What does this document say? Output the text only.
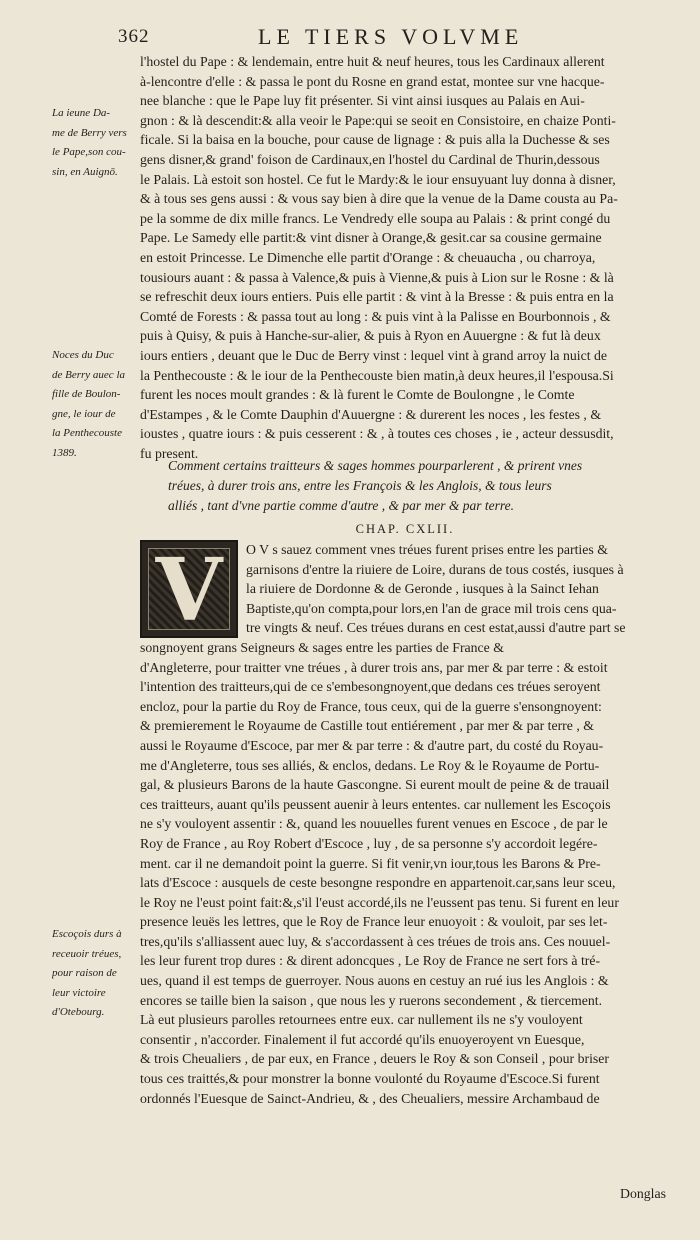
362	LE TIERS VOLVME
l'hostel du Pape : & lendemain, entre huit & neuf heures, tous les Cardinaux allerent
à-lencontre d'elle : & passa le pont du Rosne en grand estat, montee sur vne hacque-
nee blanche : que le Pape luy fit présenter. Si vint ainsi iusques au Palais en Aui-
gnon : & là descendit:& alla veoir le Pape:qui se seoit en Consistoire, en chaize Ponti-
ficale. Si la baisa en la bouche, pour cause de lignage : & puis alla la Duchesse & ses
gens disner,& grand' foison de Cardinaux,en l'hostel du Cardinal de Thurin,dessous
le Palais. Là estoit son hostel. Ce fut le Mardy:& le iour ensuyuant luy donna à disner,
& à tous ses gens aussi : & vous say bien à dire que la venue de la Dame cousta au Pa-
pe la somme de dix mille francs. Le Vendredy elle soupa au Palais : & print congé du
Pape. Le Samedy elle partit:& vint disner à Orange,& gesit.car sa cousine germaine
en estoit Princesse. Le Dimenche elle partit d'Orange : & cheuaucha , ou charroya,
tousiours auant : & passa à Valence,& puis à Vienne,& puis à Lion sur le Rosne : & là
se refreschit deux iours entiers. Puis elle partit : & vint à la Bresse : & puis entra en la
Comté de Forests : & passa tout au long : & puis vint à la Palisse en Bourbonnois , &
puis à Quisy, & puis à Hanche-sur-alier, & puis à Ryon en Auuergne : & fut là deux
iours entiers , deuant que le Duc de Berry vinst : lequel vint à grand arroy la nuict de
la Penthecouste : & le iour de la Penthecouste bien matin,à deux heures,il l'espousa.Si
furent les noces moult grandes : & là furent le Comte de Boulongne , le Comte
d'Estampes , & le Comte Dauphin d'Auuergne : & durerent les noces , les festes , &
ioustes , quatre iours : & puis cesserent : & , à toutes ces choses , ie , acteur dessusdit,
fu present.
La ieune Da-
me de Berry vers
le Pape,son cou-
sin, en Auignō.
Noces du Duc
de Berry auec la
fille de Boulon-
gne, le iour de
la Penthecouste
1389.
Escoçois durs à
receuoir tréues,
pour raison de
leur victoire
d'Otebourg.
Comment certains traitteurs & sages hommes pourparlerent , & prirent vnes
tréues, à durer trois ans, entre les François & les Anglois, & tous leurs
alliés , tant d'vne partie comme d'autre , & par mer & par terre.
CHAP. CXLII.
O V s sauez comment vnes tréues furent prises entre les parties &
garnisons d'entre la riuiere de Loire, durans de tous costés, iusques à
la riuiere de Dordonne & de Geronde , iusques à la Sainct Iehan
Baptiste,qu'on compta,pour lors,en l'an de grace mil trois cens qua-
tre vingts & neuf. Ces tréues durans en cest estat,aussi d'autre part se
songnoyent grans Seigneurs & sages entre les parties de France &
d'Angleterre, pour traitter vne tréues , à durer trois ans, par mer & par terre : & estoit
l'intention des traitteurs,qui de ce s'embesongnoyent,que dedans ces tréues seroyent
encloz, pour la partie du Roy de France, tous ceux, qui de la guerre s'ensongnoyent:
& premierement le Royaume de Castille tout entiérement , par mer & par terre , &
aussi le Royaume d'Escoce, par mer & par terre : & d'autre part, du costé du Royau-
me d'Angleterre, tous ses alliés, & enclos, dedans. Le Roy & le Royaume de Portu-
gal, & plusieurs Barons de la haute Gascongne. Si eurent moult de peine & de trauail
ces traitteurs, auant qu'ils peussent auenir à leurs ententes. car nullement les Escoçois
ne s'y vouloyent assentir : &, quand les nouuelles furent venues en Escoce , de par le
Roy de France , au Roy Robert d'Escoce , luy , de sa personne s'y accordoit legére-
ment. car il ne demandoit point la guerre. Si fit venir,vn iour,tous les Barons & Pre-
lats d'Escoce : ausquels de ceste besongne respondre en appartenoit.car,sans leur sceu,
le Roy ne l'eust point fait:&,s'il l'eust accordé,ils ne l'eussent pas tenu. Si furent en leur
presence leuës les lettres, que le Roy de France leur enuoyoit : & vouloit, par ses let-
tres,qu'ils s'alliassent auec luy, & s'accordassent à ces tréues de trois ans. Ces nouuel-
les leur furent trop dures : & dirent adoncques , Le Roy de France ne sert fors à tré-
ues, quand il est temps de guerroyer. Nous auons en cestuy an rué ius les Anglois : &
encores se taille bien la saison , que nous les y ruerons secondement , & tiercement.
Là eut plusieurs parolles retournees entre eux. car nullement ils ne s'y vouloyent
consentir , n'accorder. Finalement il fut accordé qu'ils enuoyeroyent vn Euesque,
& trois Cheualiers , de par eux, en France , deuers le Roy & son Conseil , pour briser
tous ces traittés,& pour monstrer la bonne voulonté du Royaume d'Escoce.Si furent
ordonnés l'Euesque de Sainct-Andrieu, & , des Cheualiers, messire Archambaud de
V
Donglas
